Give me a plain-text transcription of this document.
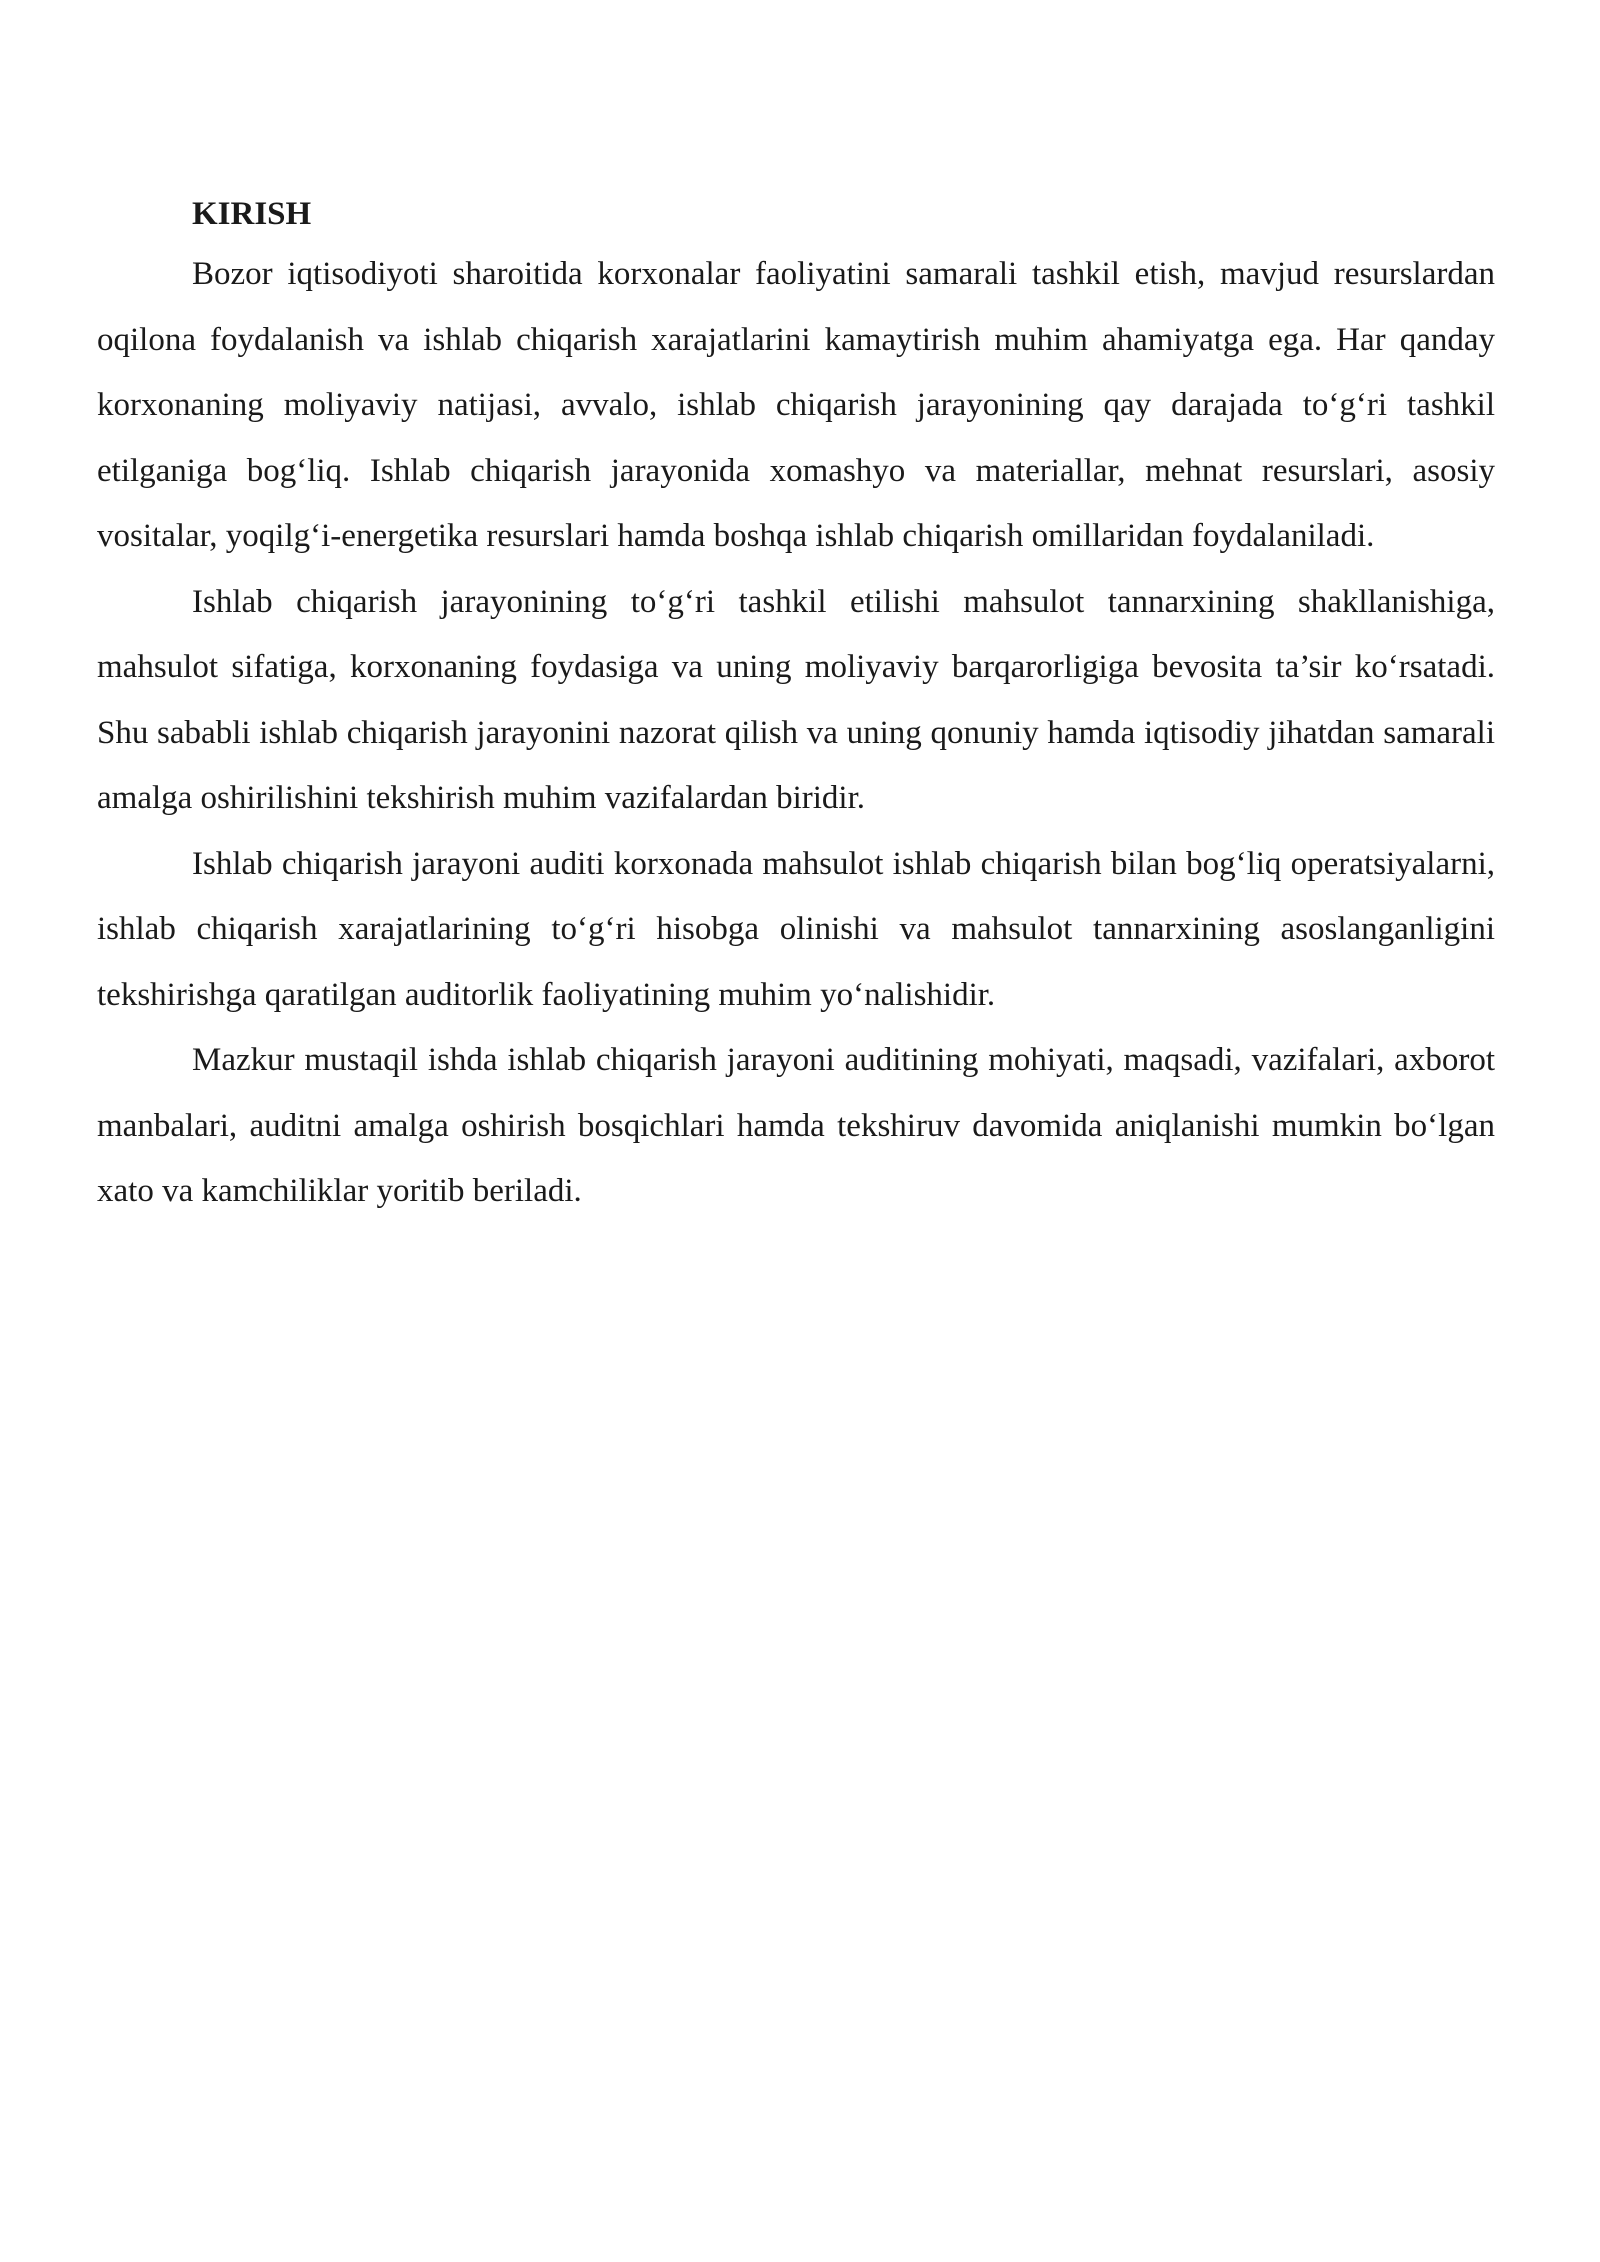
KIRISH

Bozor iqtisodiyoti sharoitida korxonalar faoliyatini samarali tashkil etish, mavjud resurslardan oqilona foydalanish va ishlab chiqarish xarajatlarini kamaytirish muhim ahamiyatga ega. Har qanday korxonaning moliyaviy natijasi, avvalo, ishlab chiqarish jarayonining qay darajada to‘g‘ri tashkil etilganiga bog‘liq. Ishlab chiqarish jarayonida xomashyo va materiallar, mehnat resurslari, asosiy vositalar, yoqilg‘i-energetika resurslari hamda boshqa ishlab chiqarish omillaridan foydalaniladi.

Ishlab chiqarish jarayonining to‘g‘ri tashkil etilishi mahsulot tannarxining shakllanishiga, mahsulot sifatiga, korxonaning foydasiga va uning moliyaviy barqarorligiga bevosita ta’sir ko‘rsatadi. Shu sababli ishlab chiqarish jarayonini nazorat qilish va uning qonuniy hamda iqtisodiy jihatdan samarali amalga oshirilishini tekshirish muhim vazifalardan biridir.

Ishlab chiqarish jarayoni auditi korxonada mahsulot ishlab chiqarish bilan bog‘liq operatsiyalarni, ishlab chiqarish xarajatlarining to‘g‘ri hisobga olinishi va mahsulot tannarxining asoslanganligini tekshirishga qaratilgan auditorlik faoliyatining muhim yo‘nalishidir.

Mazkur mustaqil ishda ishlab chiqarish jarayoni auditining mohiyati, maqsadi, vazifalari, axborot manbalari, auditni amalga oshirish bosqichlari hamda tekshiruv davomida aniqlanishi mumkin bo‘lgan xato va kamchiliklar yoritib beriladi.
